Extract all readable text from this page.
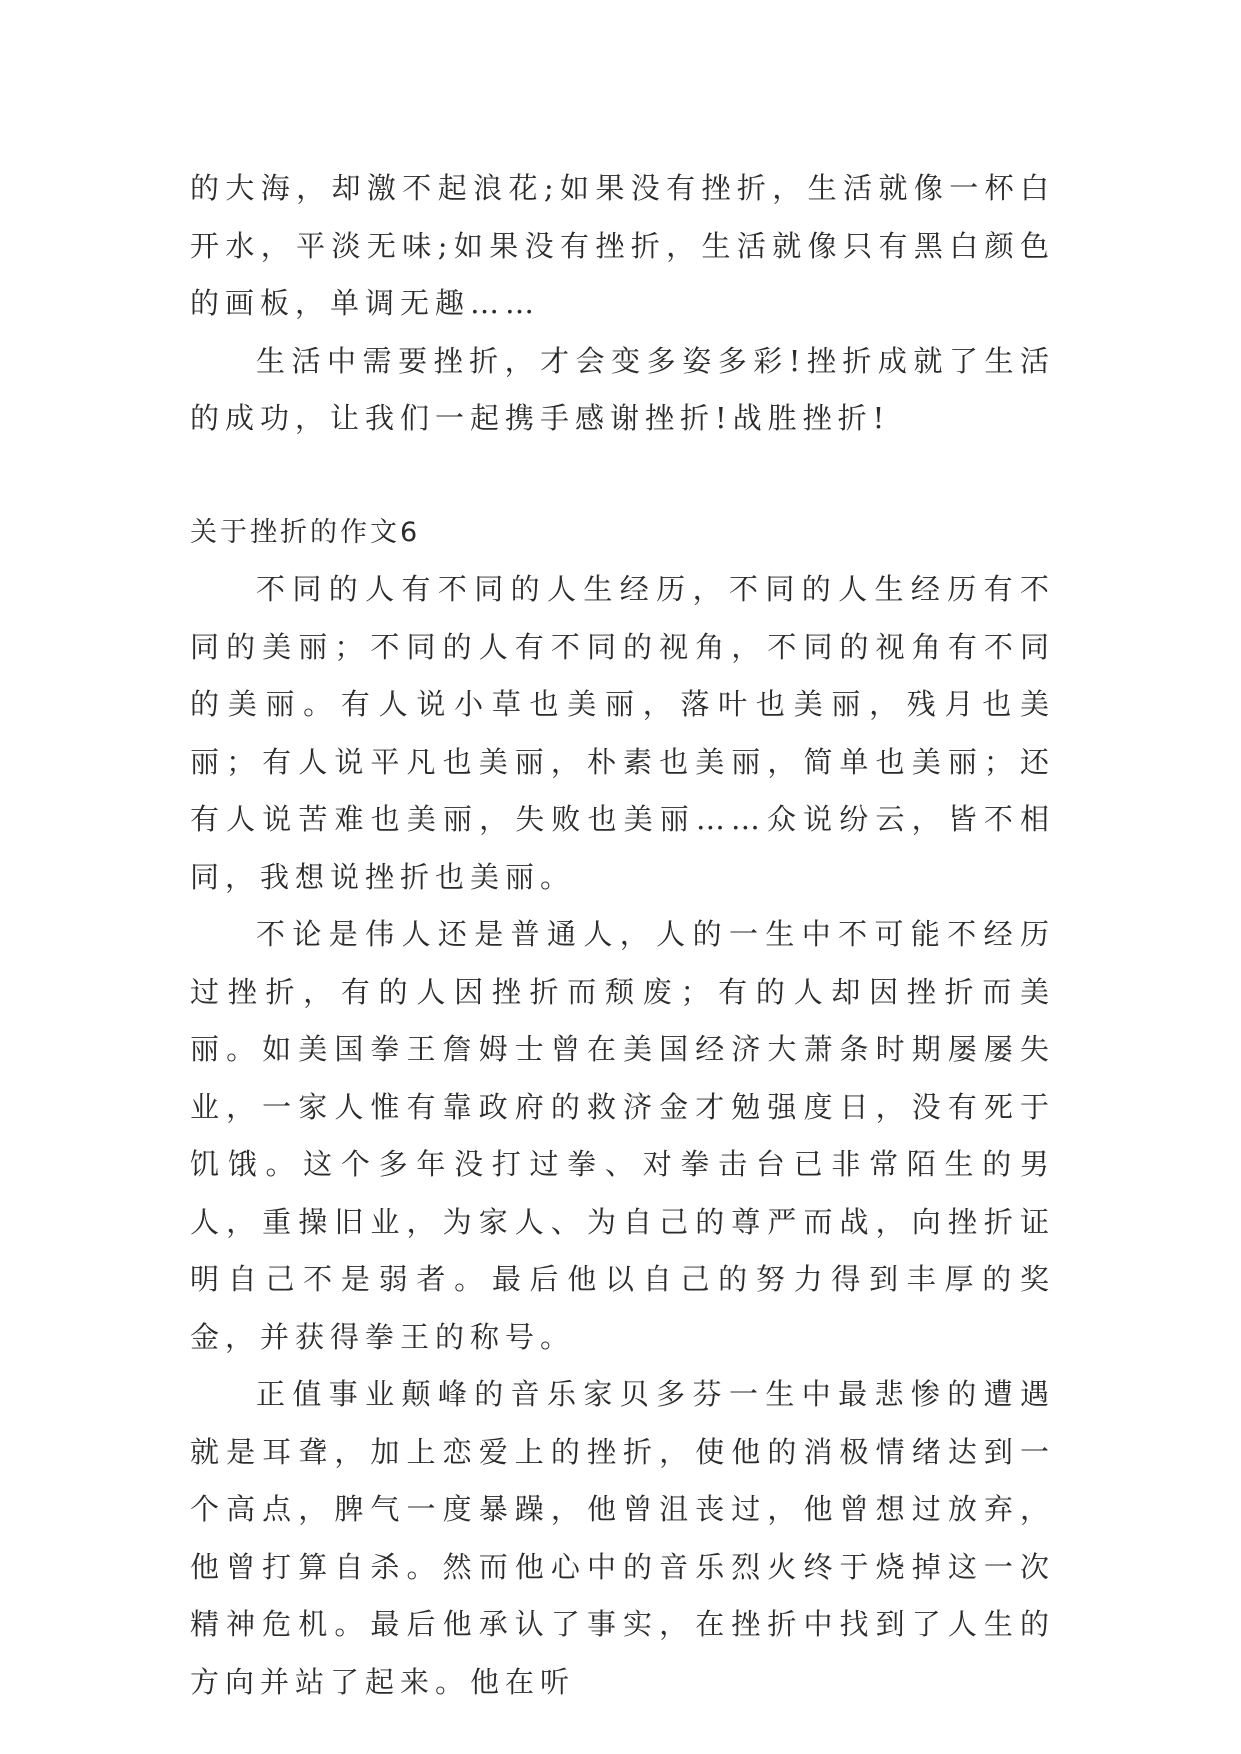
的大海，却激不起浪花;如果没有挫折，生活就像一杯白开水，平淡无味;如果没有挫折，生活就像只有黑白颜色的画板，单调无趣……

生活中需要挫折，才会变多姿多彩!挫折成就了生活的成功，让我们一起携手感谢挫折!战胜挫折!

关于挫折的作文6

不同的人有不同的人生经历，不同的人生经历有不同的美丽；不同的人有不同的视角，不同的视角有不同的美丽。有人说小草也美丽，落叶也美丽，残月也美丽；有人说平凡也美丽，朴素也美丽，简单也美丽；还有人说苦难也美丽，失败也美丽……众说纷云，皆不相同，我想说挫折也美丽。

不论是伟人还是普通人，人的一生中不可能不经历过挫折，有的人因挫折而颓废；有的人却因挫折而美丽。如美国拳王詹姆士曾在美国经济大萧条时期屡屡失业，一家人惟有靠政府的救济金才勉强度日，没有死于饥饿。这个多年没打过拳、对拳击台已非常陌生的男人，重操旧业，为家人、为自己的尊严而战，向挫折证明自己不是弱者。最后他以自己的努力得到丰厚的奖金，并获得拳王的称号。

正值事业颠峰的音乐家贝多芬一生中最悲惨的遭遇就是耳聋，加上恋爱上的挫折，使他的消极情绪达到一个高点，脾气一度暴躁，他曾沮丧过，他曾想过放弃，他曾打算自杀。然而他心中的音乐烈火终于烧掉这一次精神危机。最后他承认了事实，在挫折中找到了人生的方向并站了起来。他在听
